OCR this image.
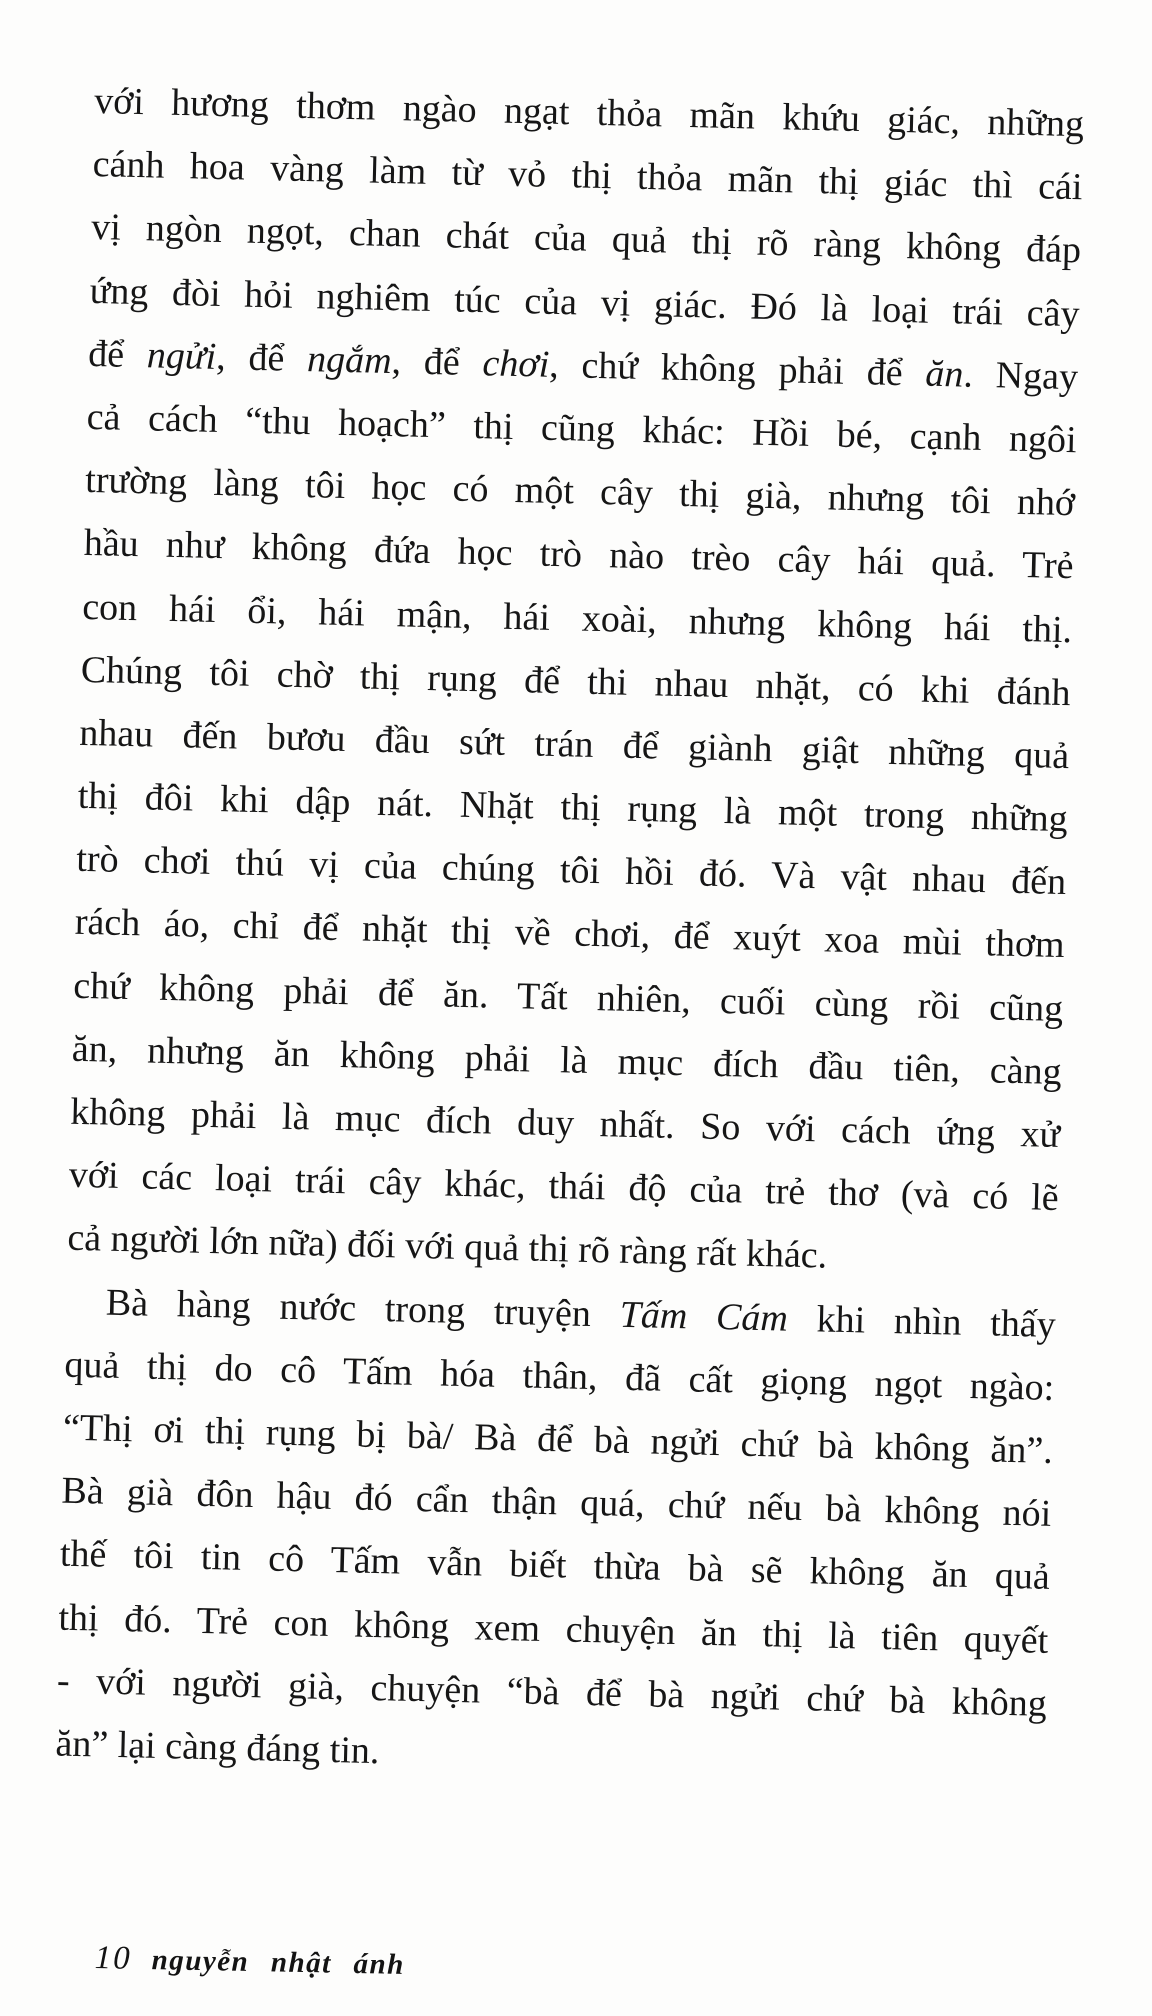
với hương thơm ngào ngạt thỏa mãn khứu giác, những
cánh hoa vàng làm từ vỏ thị thỏa mãn thị giác thì cái
vị ngòn ngọt, chan chát của quả thị rõ ràng không đáp
ứng đòi hỏi nghiêm túc của vị giác. Đó là loại trái cây
để ngửi, để ngắm, để chơi, chứ không phải để ăn. Ngay
cả cách “thu hoạch” thị cũng khác: Hồi bé, cạnh ngôi
trường làng tôi học có một cây thị già, nhưng tôi nhớ
hầu như không đứa học trò nào trèo cây hái quả. Trẻ
con hái ổi, hái mận, hái xoài, nhưng không hái thị.
Chúng tôi chờ thị rụng để thi nhau nhặt, có khi đánh
nhau đến bươu đầu sứt trán để giành giật những quả
thị đôi khi dập nát. Nhặt thị rụng là một trong những
trò chơi thú vị của chúng tôi hồi đó. Và vật nhau đến
rách áo, chỉ để nhặt thị về chơi, để xuýt xoa mùi thơm
chứ không phải để ăn. Tất nhiên, cuối cùng rồi cũng
ăn, nhưng ăn không phải là mục đích đầu tiên, càng
không phải là mục đích duy nhất. So với cách ứng xử
với các loại trái cây khác, thái độ của trẻ thơ (và có lẽ
cả người lớn nữa) đối với quả thị rõ ràng rất khác.
Bà hàng nước trong truyện Tấm Cám khi nhìn thấy
quả thị do cô Tấm hóa thân, đã cất giọng ngọt ngào:
“Thị ơi thị rụng bị bà/ Bà để bà ngửi chứ bà không ăn”.
Bà già đôn hậu đó cẩn thận quá, chứ nếu bà không nói
thế tôi tin cô Tấm vẫn biết thừa bà sẽ không ăn quả
thị đó. Trẻ con không xem chuyện ăn thị là tiên quyết
- với người già, chuyện “bà để bà ngửi chứ bà không
ăn” lại càng đáng tin.
10 nguyễn nhật ánh
